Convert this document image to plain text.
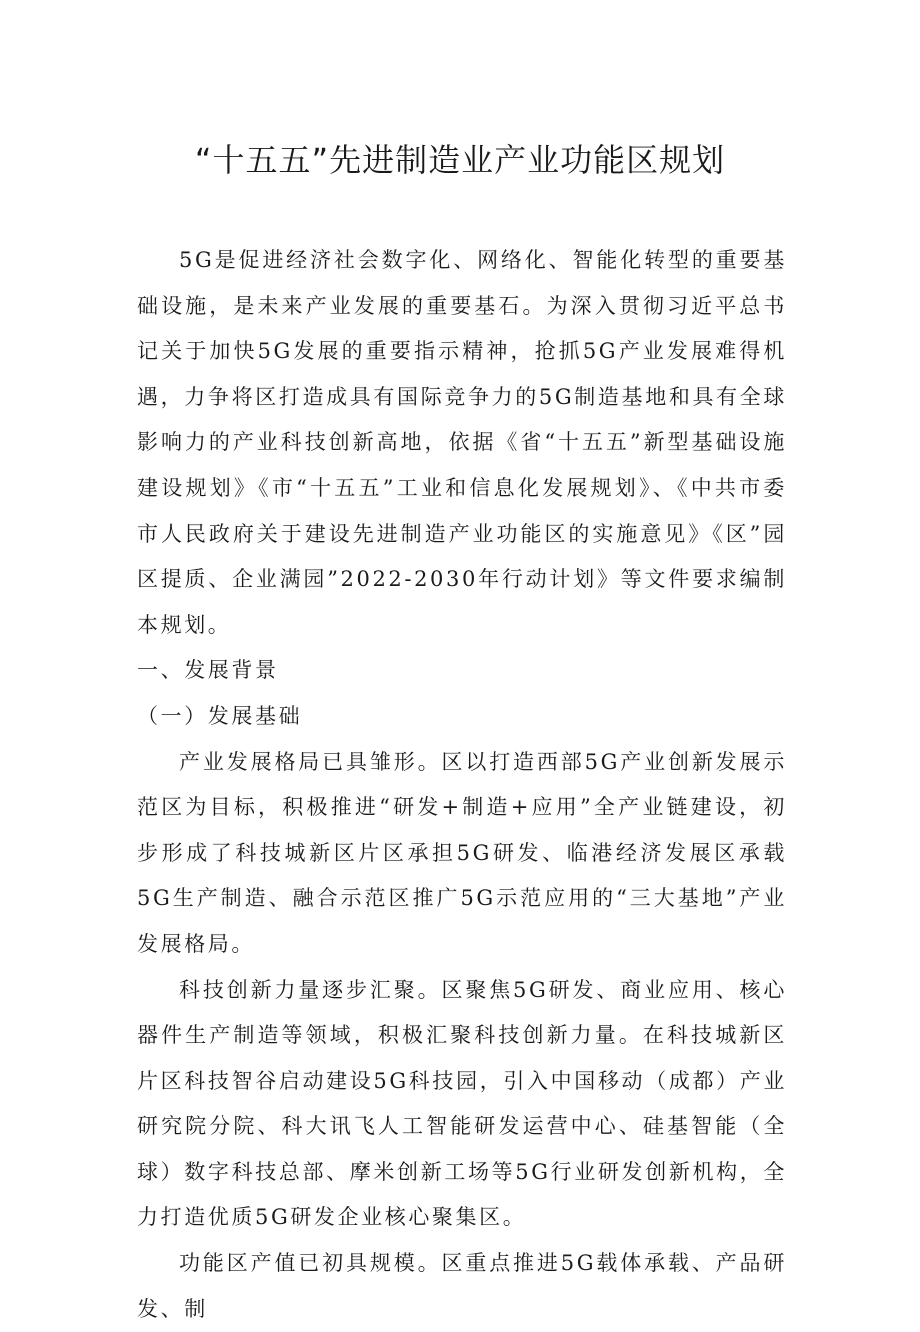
“十五五”先进制造业产业功能区规划

5G是促进经济社会数字化、网络化、智能化转型的重要基础设施，是未来产业发展的重要基石。为深入贯彻习近平总书记关于加快5G发展的重要指示精神，抢抓5G产业发展难得机遇，力争将区打造成具有国际竞争力的5G制造基地和具有全球影响力的产业科技创新高地，依据《省“十五五”新型基础设施建设规划》《市“十五五”工业和信息化发展规划》、《中共市委市人民政府关于建设先进制造产业功能区的实施意见》《区”园区提质、企业满园”2022-2030年行动计划》等文件要求编制本规划。

一、发展背景

（一）发展基础

产业发展格局已具雏形。区以打造西部5G产业创新发展示范区为目标，积极推进“研发+制造+应用”全产业链建设，初步形成了科技城新区片区承担5G研发、临港经济发展区承载5G生产制造、融合示范区推广5G示范应用的“三大基地”产业发展格局。

科技创新力量逐步汇聚。区聚焦5G研发、商业应用、核心器件生产制造等领域，积极汇聚科技创新力量。在科技城新区片区科技智谷启动建设5G科技园，引入中国移动（成都）产业研究院分院、科大讯飞人工智能研发运营中心、硅基智能（全球）数字科技总部、摩米创新工场等5G行业研发创新机构，全力打造优质5G研发企业核心聚集区。

功能区产值已初具规模。区重点推进5G载体承载、产品研发、制
